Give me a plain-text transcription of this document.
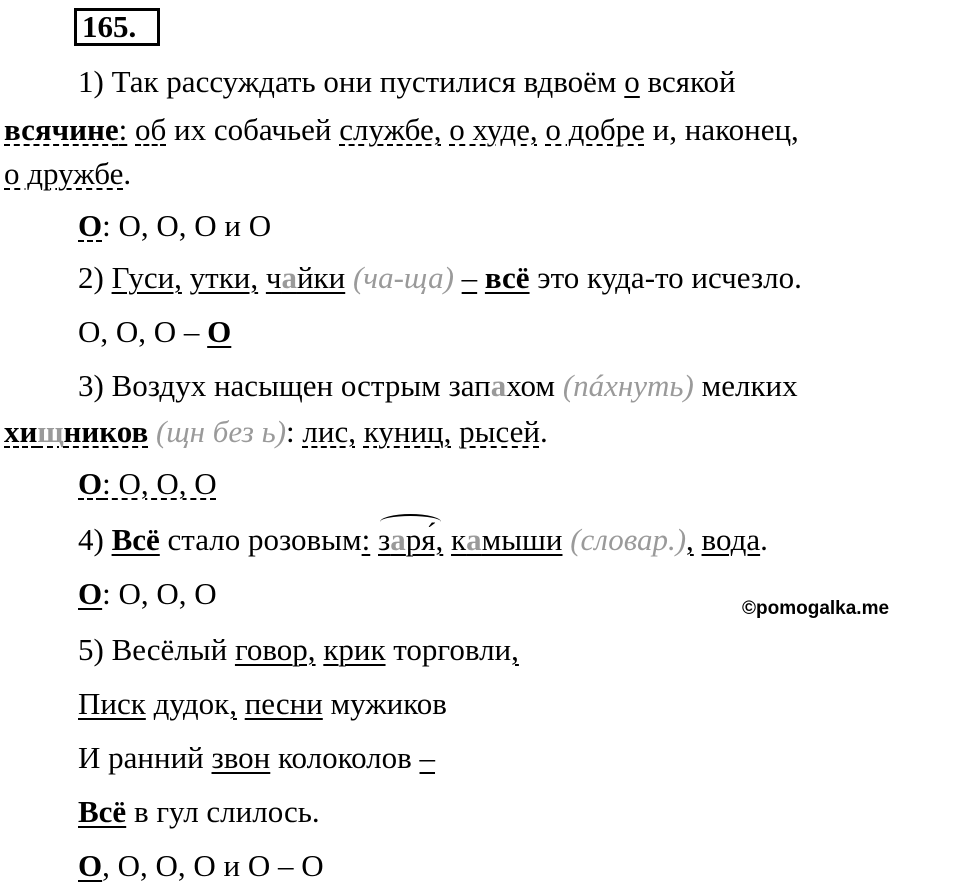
165.
1) Так рассуждать они пустилися вдвоём о всякой
всячине: об их собачьей службе, о худе, о добре и, наконец,
о дружбе.
О: О, О, О и О
2) Гуси, утки, чайки (ча-ща) – всё это куда-то исчезло.
О, О, О – О
3) Воздух насыщен острым запахом (пáхнуть) мелких
хищников (щн без ь): лис, куниц, рысей.
О: О, О, О
4) Всё стало розовым: заря́, камыши (словар.), вода.
О: О, О, О	©pomogalka.me
5) Весёлый говор, крик торговли,
Писк дудок, песни мужиков
И ранний звон колоколов –
Всё в гул слилось.
О, О, О, О и О – О
